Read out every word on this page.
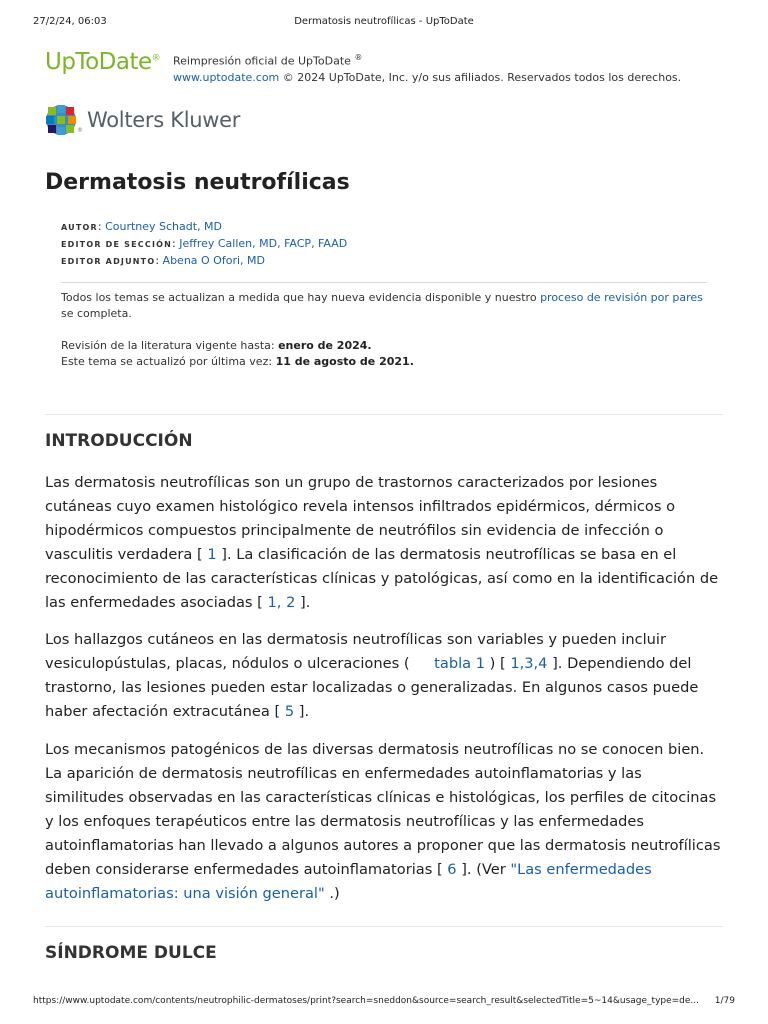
27/2/24, 06:03	Dermatosis neutrofílicas - UpToDate
UpToDate® Reimpresión oficial de UpToDate ®
www.uptodate.com © 2024 UpToDate, Inc. y/o sus afiliados. Reservados todos los derechos.
® Wolters Kluwer
Dermatosis neutrofílicas
AUTOR: Courtney Schadt, MD
EDITOR DE SECCIÓN: Jeffrey Callen, MD, FACP, FAAD
EDITOR ADJUNTO: Abena O Ofori, MD
Todos los temas se actualizan a medida que hay nueva evidencia disponible y nuestro proceso de revisión por pares se completa.
Revisión de la literatura vigente hasta: enero de 2024.
Este tema se actualizó por última vez: 11 de agosto de 2021.
INTRODUCCIÓN

Las dermatosis neutrofílicas son un grupo de trastornos caracterizados por lesiones cutáneas cuyo examen histológico revela intensos infiltrados epidérmicos, dérmicos o hipodérmicos compuestos principalmente de neutrófilos sin evidencia de infección o vasculitis verdadera [ 1 ]. La clasificación de las dermatosis neutrofílicas se basa en el reconocimiento de las características clínicas y patológicas, así como en la identificación de las enfermedades asociadas [ 1, 2 ].

Los hallazgos cutáneos en las dermatosis neutrofílicas son variables y pueden incluir vesiculopústulas, placas, nódulos o ulceraciones ( tabla 1 ) [ 1,3,4 ]. Dependiendo del trastorno, las lesiones pueden estar localizadas o generalizadas. En algunos casos puede haber afectación extracutánea [ 5 ].

Los mecanismos patogénicos de las diversas dermatosis neutrofílicas no se conocen bien. La aparición de dermatosis neutrofílicas en enfermedades autoinflamatorias y las similitudes observadas en las características clínicas e histológicas, los perfiles de citocinas y los enfoques terapéuticos entre las dermatosis neutrofílicas y las enfermedades autoinflamatorias han llevado a algunos autores a proponer que las dermatosis neutrofílicas deben considerarse enfermedades autoinflamatorias [ 6 ]. (Ver "Las enfermedades autoinflamatorias: una visión general" .)

SÍNDROME DULCE
https://www.uptodate.com/contents/neutrophilic-dermatoses/print?search=sneddon&source=search_result&selectedTitle=5~14&usage_type=de... 1/79
